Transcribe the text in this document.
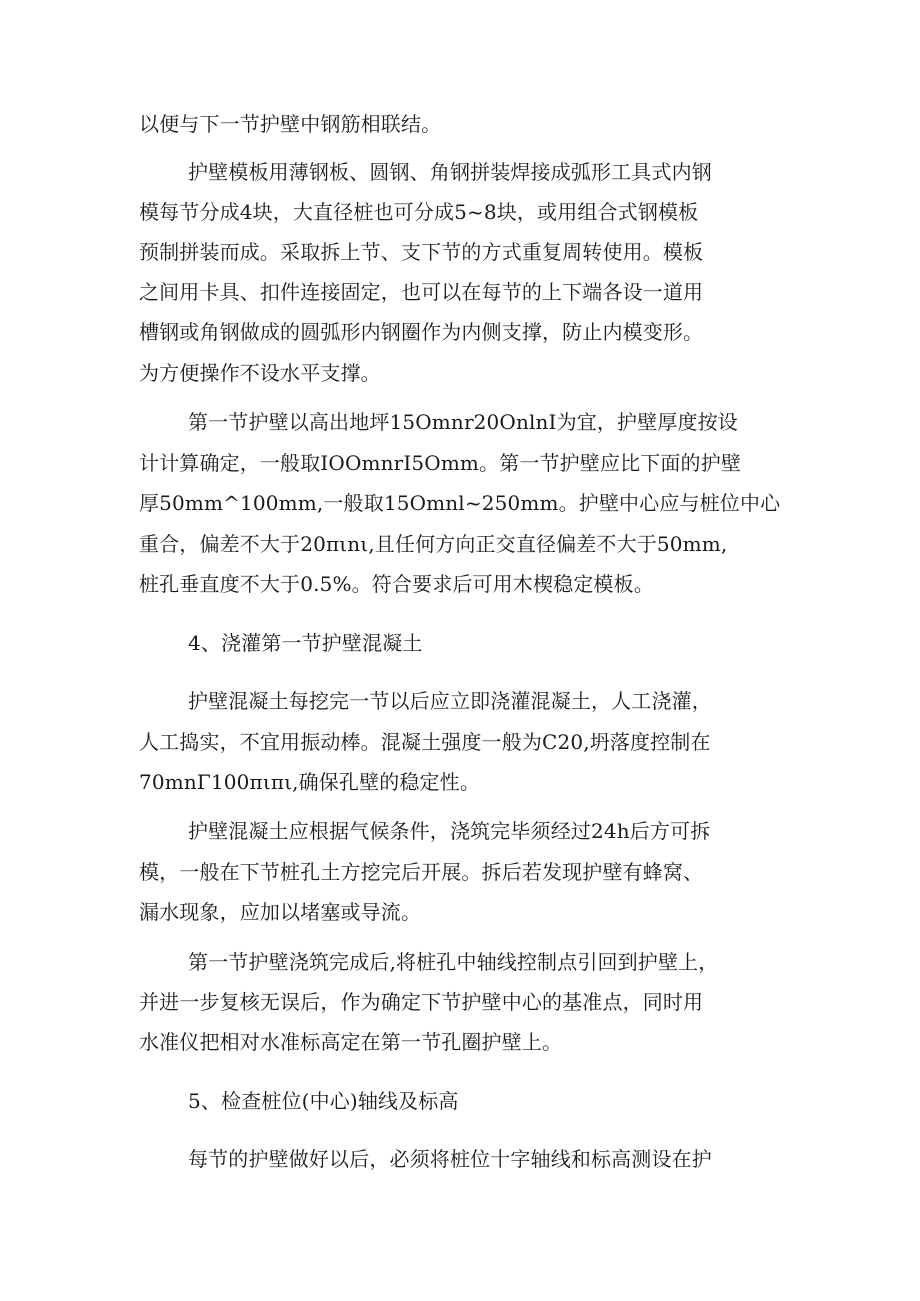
以便与下一节护壁中钢筋相联结。
护壁模板用薄钢板、圆钢、角钢拼装焊接成弧形工具式内钢
模每节分成4块，大直径桩也可分成5~8块，或用组合式钢模板
预制拼装而成。采取拆上节、支下节的方式重复周转使用。模板
之间用卡具、扣件连接固定，也可以在每节的上下端各设一道用
槽钢或角钢做成的圆弧形内钢圈作为内侧支撑，防止内模变形。
为方便操作不设水平支撑。
第一节护壁以高出地坪15Omnr20OnlnI为宜，护壁厚度按设
计计算确定，一般取IOOmnrI5Omm。第一节护壁应比下面的护壁
厚50mm^100mm,一般取15Omnl~250mm。护壁中心应与桩位中心
重合，偏差不大于20πιnι,且任何方向正交直径偏差不大于50mm,
桩孔垂直度不大于0.5%。符合要求后可用木楔稳定模板。
4、浇灌第一节护壁混凝土
护壁混凝土每挖完一节以后应立即浇灌混凝土，人工浇灌，
人工捣实，不宜用振动棒。混凝土强度一般为C20,坍落度控制在
70mnΓ100πιπι,确保孔壁的稳定性。
护壁混凝土应根据气候条件，浇筑完毕须经过24h后方可拆
模，一般在下节桩孔土方挖完后开展。拆后若发现护壁有蜂窝、
漏水现象，应加以堵塞或导流。
第一节护壁浇筑完成后,将桩孔中轴线控制点引回到护壁上，
并进一步复核无误后，作为确定下节护壁中心的基准点，同时用
水准仪把相对水准标高定在第一节孔圈护壁上。
5、检查桩位(中心)轴线及标高
每节的护壁做好以后，必须将桩位十字轴线和标高测设在护
